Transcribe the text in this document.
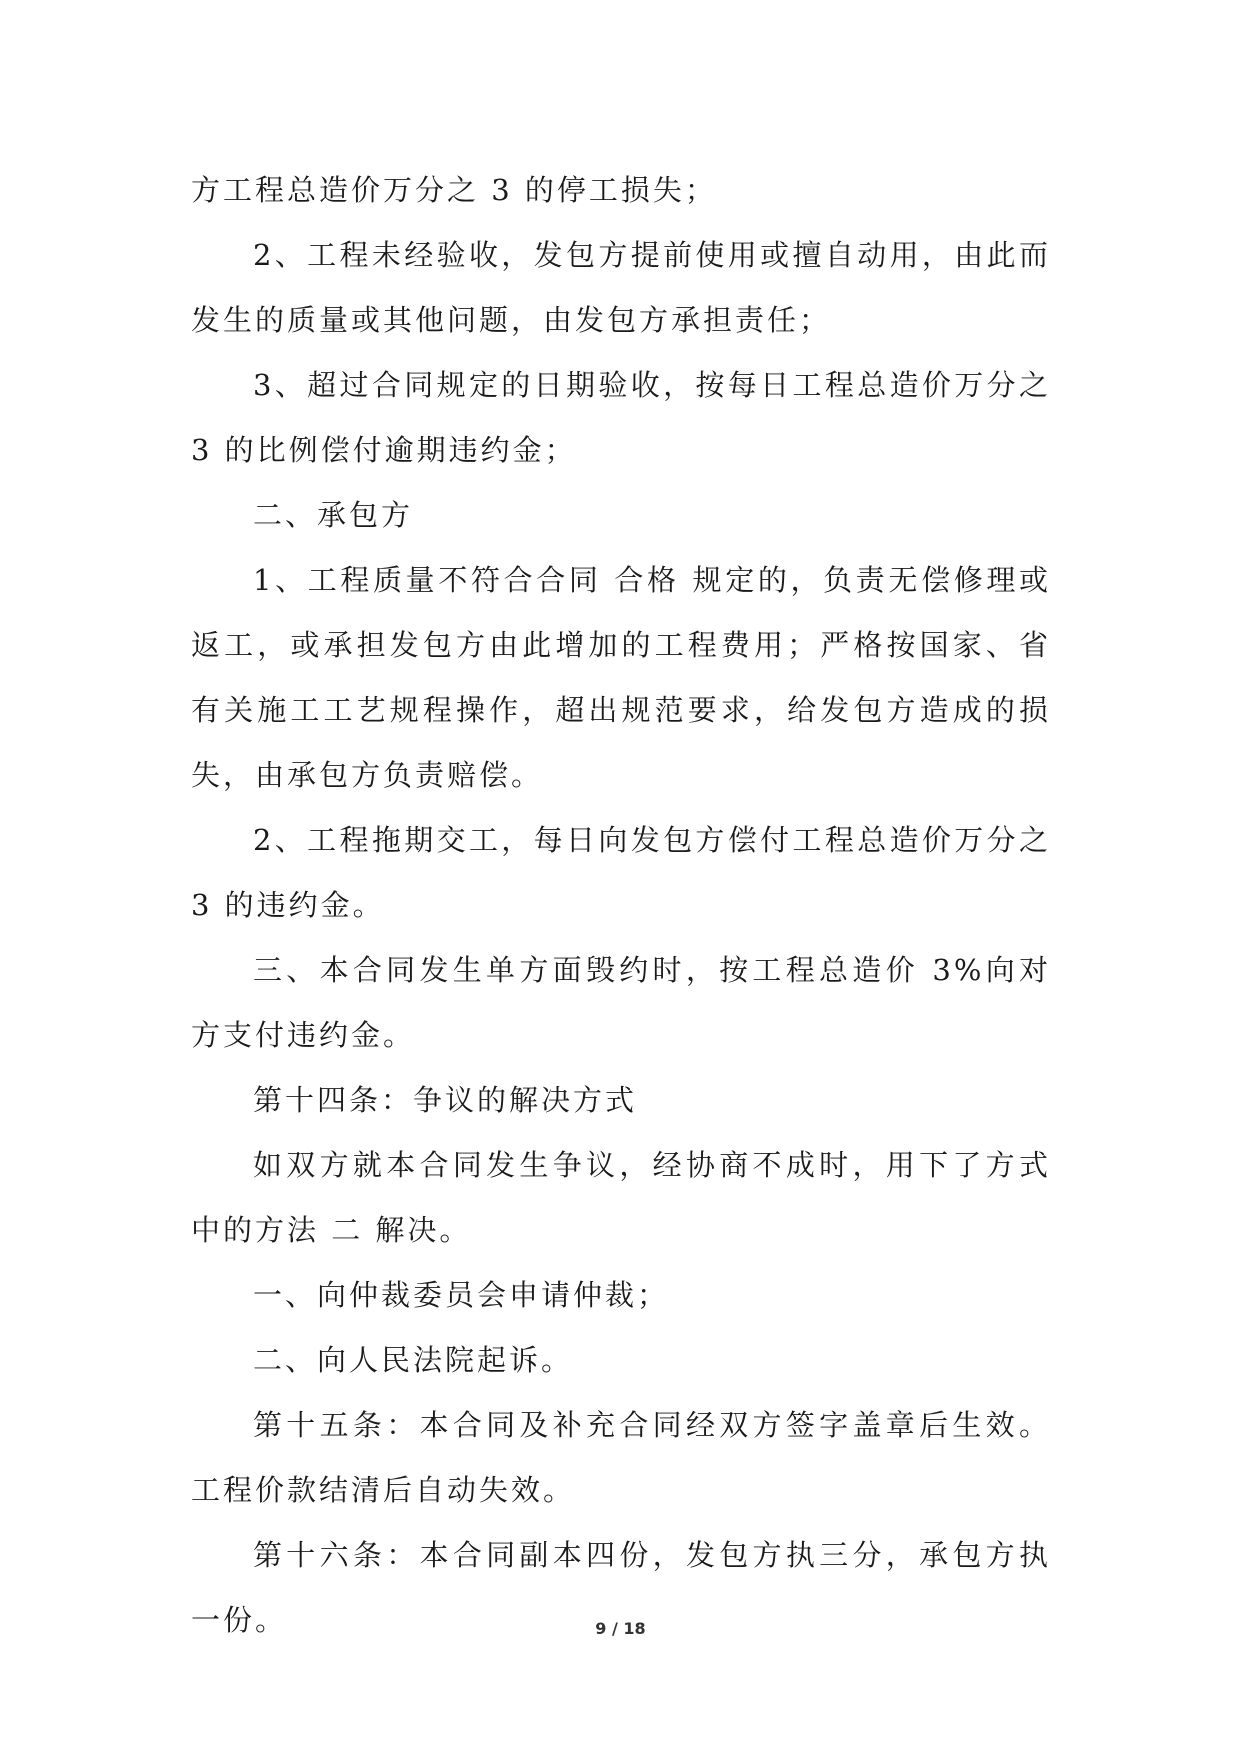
方工程总造价万分之 3 的停工损失；

2、工程未经验收，发包方提前使用或擅自动用，由此而发生的质量或其他问题，由发包方承担责任；

3、超过合同规定的日期验收，按每日工程总造价万分之 3 的比例偿付逾期违约金；

二、承包方

1、工程质量不符合合同 合格 规定的，负责无偿修理或返工，或承担发包方由此增加的工程费用；严格按国家、省有关施工工艺规程操作，超出规范要求，给发包方造成的损失，由承包方负责赔偿。

2、工程拖期交工，每日向发包方偿付工程总造价万分之 3 的违约金。

三、本合同发生单方面毁约时，按工程总造价 3%向对方支付违约金。

第十四条：争议的解决方式

如双方就本合同发生争议，经协商不成时，用下了方式中的方法 二 解决。

一、向仲裁委员会申请仲裁；

二、向人民法院起诉。

第十五条：本合同及补充合同经双方签字盖章后生效。工程价款结清后自动失效。

第十六条：本合同副本四份，发包方执三分，承包方执一份。	9 / 18
